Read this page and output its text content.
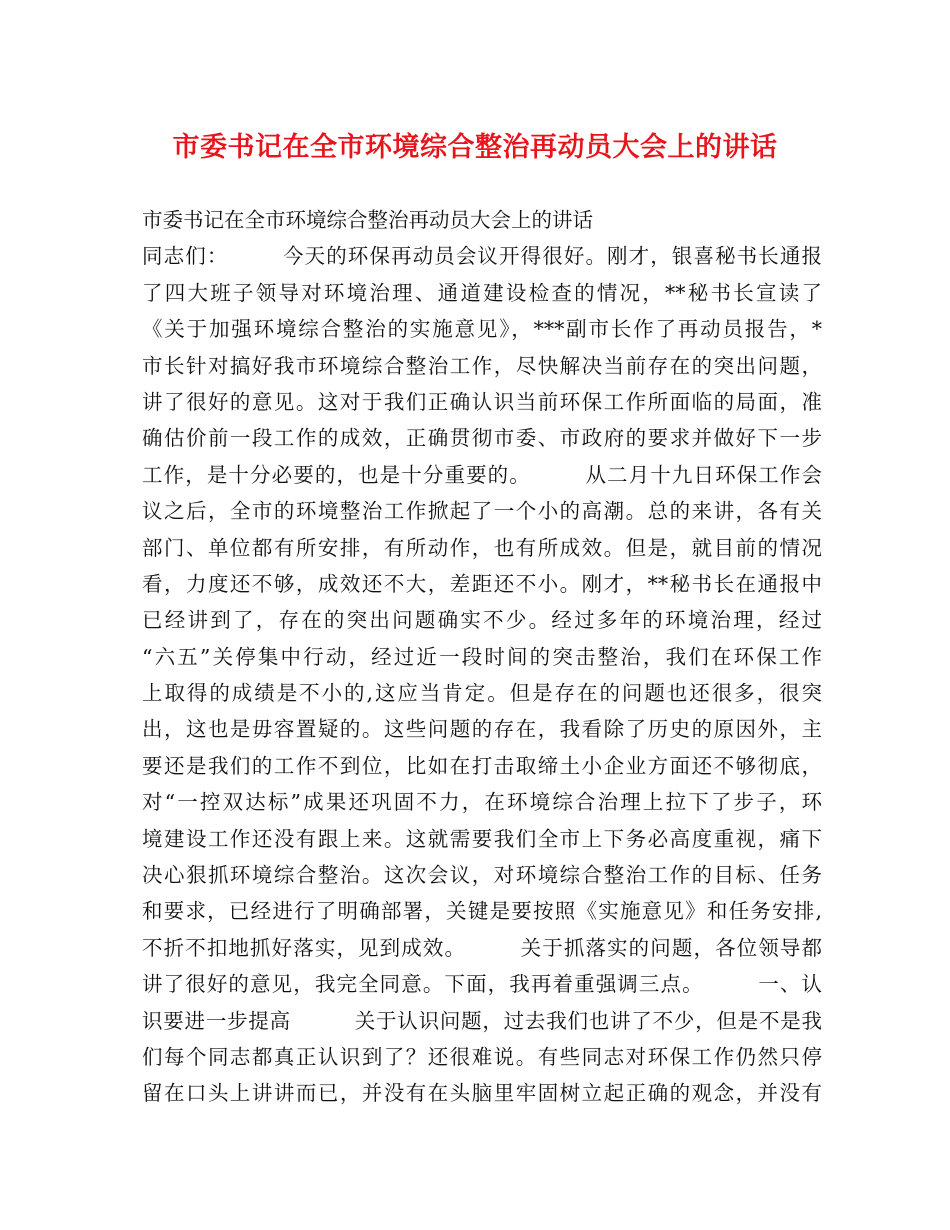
市委书记在全市环境综合整治再动员大会上的讲话
市委书记在全市环境综合整治再动员大会上的讲话
同志们：　　　今天的环保再动员会议开得很好。刚才，银喜秘书长通报
了四大班子领导对环境治理、通道建设检查的情况，**秘书长宣读了
《关于加强环境综合整治的实施意见》，***副市长作了再动员报告，*
市长针对搞好我市环境综合整治工作，尽快解决当前存在的突出问题，
讲了很好的意见。这对于我们正确认识当前环保工作所面临的局面，准
确估价前一段工作的成效，正确贯彻市委、市政府的要求并做好下一步
工作，是十分必要的，也是十分重要的。　　　从二月十九日环保工作会
议之后，全市的环境整治工作掀起了一个小的高潮。总的来讲，各有关
部门、单位都有所安排，有所动作，也有所成效。但是，就目前的情况
看，力度还不够，成效还不大，差距还不小。刚才，**秘书长在通报中
已经讲到了，存在的突出问题确实不少。经过多年的环境治理，经过
“六五”关停集中行动，经过近一段时间的突击整治，我们在环保工作
上取得的成绩是不小的,这应当肯定。但是存在的问题也还很多，很突
出，这也是毋容置疑的。这些问题的存在，我看除了历史的原因外，主
要还是我们的工作不到位，比如在打击取缔土小企业方面还不够彻底，
对“一控双达标”成果还巩固不力，在环境综合治理上拉下了步子，环
境建设工作还没有跟上来。这就需要我们全市上下务必高度重视，痛下
决心狠抓环境综合整治。这次会议，对环境综合整治工作的目标、任务
和要求，已经进行了明确部署，关键是要按照《实施意见》和任务安排,
不折不扣地抓好落实，见到成效。　　　关于抓落实的问题，各位领导都
讲了很好的意见，我完全同意。下面，我再着重强调三点。　　　一、认
识要进一步提高　　　关于认识问题，过去我们也讲了不少，但是不是我
们每个同志都真正认识到了？还很难说。有些同志对环保工作仍然只停
留在口头上讲讲而已，并没有在头脑里牢固树立起正确的观念，并没有
